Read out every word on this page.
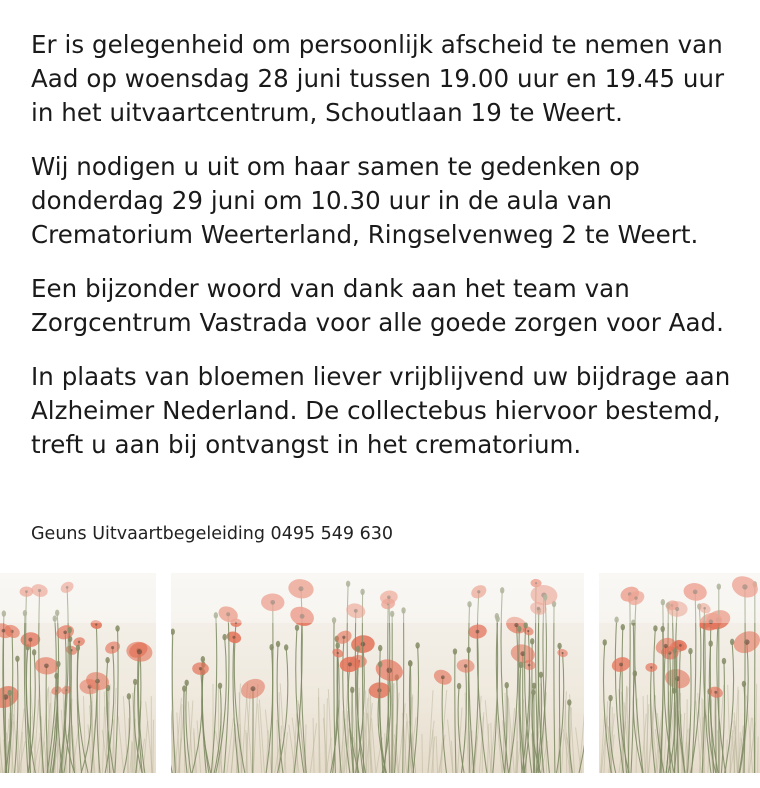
Er is gelegenheid om persoonlijk afscheid te nemen van
Aad op woensdag 28 juni tussen 19.00 uur en 19.45 uur
in het uitvaartcentrum, Schoutlaan 19 te Weert.

Wij nodigen u uit om haar samen te gedenken op
donderdag 29 juni om 10.30 uur in de aula van
Crematorium Weerterland, Ringselvenweg 2 te Weert.

Een bijzonder woord van dank aan het team van
Zorgcentrum Vastrada voor alle goede zorgen voor Aad.

In plaats van bloemen liever vrijblijvend uw bijdrage aan
Alzheimer Nederland. De collectebus hiervoor bestemd,
treft u aan bij ontvangst in het crematorium.

Geuns Uitvaartbegeleiding 0495 549 630
